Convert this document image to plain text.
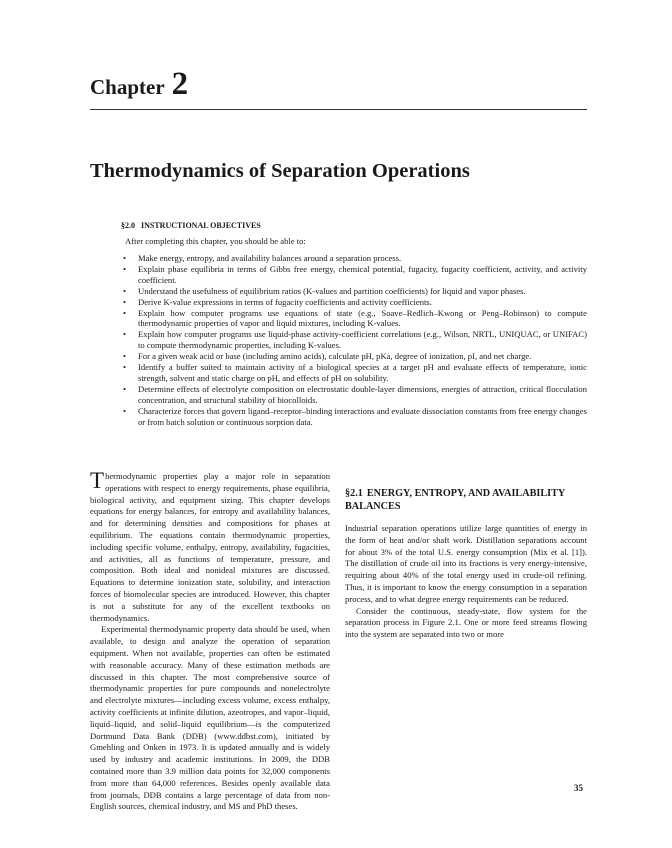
Chapter 2
Thermodynamics of Separation Operations
§2.0 INSTRUCTIONAL OBJECTIVES
After completing this chapter, you should be able to:
• Make energy, entropy, and availability balances around a separation process.
• Explain phase equilibria in terms of Gibbs free energy, chemical potential, fugacity, fugacity coefficient, activity, and activity coefficient.
• Understand the usefulness of equilibrium ratios (K-values and partition coefficients) for liquid and vapor phases.
• Derive K-value expressions in terms of fugacity coefficients and activity coefficients.
• Explain how computer programs use equations of state (e.g., Soave–Redlich–Kwong or Peng–Robinson) to compute thermodynamic properties of vapor and liquid mixtures, including K-values.
• Explain how computer programs use liquid-phase activity-coefficient correlations (e.g., Wilson, NRTL, UNIQUAC, or UNIFAC) to compute thermodynamic properties, including K-values.
• For a given weak acid or base (including amino acids), calculate pH, pKa, degree of ionization, pI, and net charge.
• Identify a buffer suited to maintain activity of a biological species at a target pH and evaluate effects of temperature, ionic strength, solvent and static charge on pH, and effects of pH on solubility.
• Determine effects of electrolyte composition on electrostatic double-layer dimensions, energies of attraction, critical flocculation concentration, and structural stability of biocolloids.
• Characterize forces that govern ligand–receptor–binding interactions and evaluate dissociation constants from free energy changes or from batch solution or continuous sorption data.

Thermodynamic properties play a major role in separation operations with respect to energy requirements, phase equilibria, biological activity, and equipment sizing. This chapter develops equations for energy balances, for entropy and availability balances, and for determining densities and compositions for phases at equilibrium. The equations contain thermodynamic properties, including specific volume, enthalpy, entropy, availability, fugacities, and activities, all as functions of temperature, pressure, and composition. Both ideal and nonideal mixtures are discussed. Equations to determine ionization state, solubility, and interaction forces of biomolecular species are introduced. However, this chapter is not a substitute for any of the excellent textbooks on thermodynamics.

Experimental thermodynamic property data should be used, when available, to design and analyze the operation of separation equipment. When not available, properties can often be estimated with reasonable accuracy. Many of these estimation methods are discussed in this chapter. The most comprehensive source of thermodynamic properties for pure compounds and nonelectrolyte and electrolyte mixtures—including excess volume, excess enthalpy, activity coefficients at infinite dilution, azeotropes, and vapor–liquid, liquid–liquid, and solid–liquid equilibrium—is the computerized Dortmund Data Bank (DDB) (www.ddbst.com), initiated by Gmehling and Onken in 1973. It is updated annually and is widely used by industry and academic institutions. In 2009, the DDB contained more than 3.9 million data points for 32,000 components from more than 64,000 references. Besides openly available data from journals, DDB contains a large percentage of data from non-English sources, chemical industry, and MS and PhD theses.

§2.1 ENERGY, ENTROPY, AND AVAILABILITY BALANCES

Industrial separation operations utilize large quantities of energy in the form of heat and/or shaft work. Distillation separations account for about 3% of the total U.S. energy consumption (Mix et al. [1]). The distillation of crude oil into its fractions is very energy-intensive, requiring about 40% of the total energy used in crude-oil refining. Thus, it is important to know the energy consumption in a separation process, and to what degree energy requirements can be reduced.

Consider the continuous, steady-state, flow system for the separation process in Figure 2.1. One or more feed streams flowing into the system are separated into two or more

35
